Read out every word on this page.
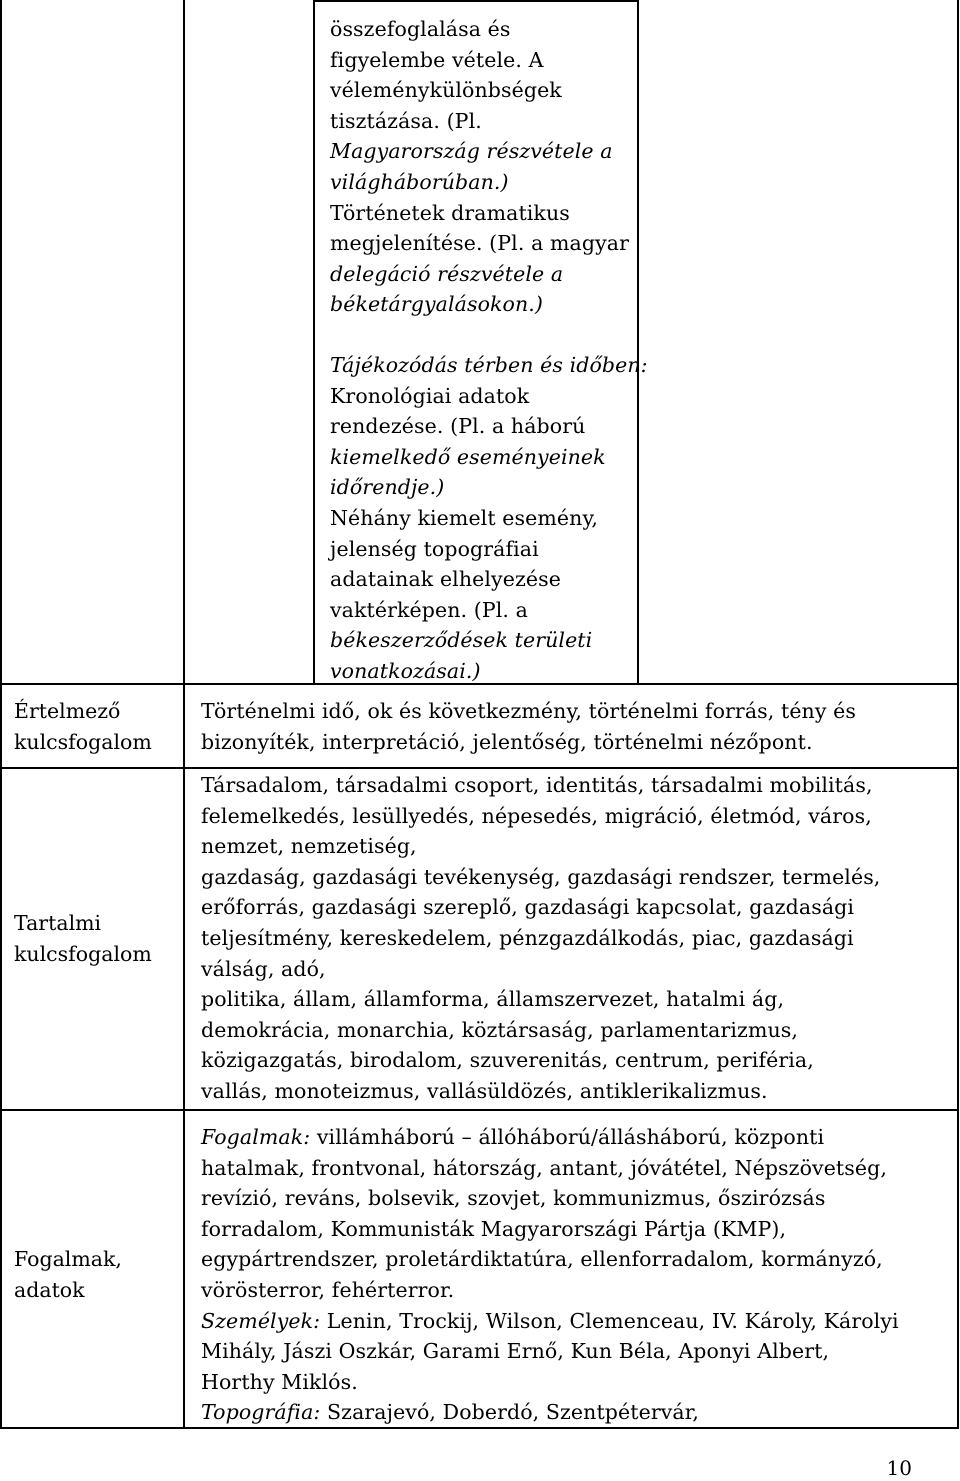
összefoglalása és
figyelembe vétele. A
véleménykülönbségek
tisztázása. (Pl.
Magyarország részvétele a
világháborúban.)
Történetek dramatikus
megjelenítése. (Pl. a magyar
delegáció részvétele a
béketárgyalásokon.)
Tájékozódás térben és időben:
Kronológiai adatok
rendezése. (Pl. a háború
kiemelkedő eseményeinek
időrendje.)
Néhány kiemelt esemény,
jelenség topográfiai
adatainak elhelyezése
vaktérképen. (Pl. a
békeszerződések területi
vonatkozásai.)
Értelmező
kulcsfogalom
Történelmi idő, ok és következmény, történelmi forrás, tény és
bizonyíték, interpretáció, jelentőség, történelmi nézőpont.
Tartalmi
kulcsfogalom
Társadalom, társadalmi csoport, identitás, társadalmi mobilitás,
felemelkedés, lesüllyedés, népesedés, migráció, életmód, város,
nemzet, nemzetiség,
gazdaság, gazdasági tevékenység, gazdasági rendszer, termelés,
erőforrás, gazdasági szereplő, gazdasági kapcsolat, gazdasági
teljesítmény, kereskedelem, pénzgazdálkodás, piac, gazdasági
válság, adó,
politika, állam, államforma, államszervezet, hatalmi ág,
demokrácia, monarchia, köztársaság, parlamentarizmus,
közigazgatás, birodalom, szuverenitás, centrum, periféria,
vallás, monoteizmus, vallásüldözés, antiklerikalizmus.
Fogalmak,
adatok
Fogalmak: villámháború – állóháború/állásháború, központi
hatalmak, frontvonal, hátország, antant, jóvátétel, Népszövetség,
revízió, reváns, bolsevik, szovjet, kommunizmus, őszirózsás
forradalom, Kommunisták Magyarországi Pártja (KMP),
egypártrendszer, proletárdiktatúra, ellenforradalom, kormányzó,
vörösterror, fehérterror.
Személyek: Lenin, Trockij, Wilson, Clemenceau, IV. Károly, Károlyi
Mihály, Jászi Oszkár, Garami Ernő, Kun Béla, Aponyi Albert,
Horthy Miklós.
Topográfia: Szarajevó, Doberdó, Szentpétervár,
10
